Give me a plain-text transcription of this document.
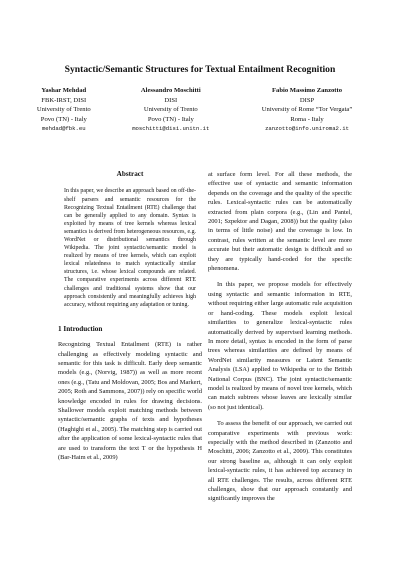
Syntactic/Semantic Structures for Textual Entailment Recognition
Yashar Mehdad
FBK-IRST, DISI
University of Trento
Povo (TN) - Italy
mehdad@fbk.eu
Alessandro Moschitti
DISI
University of Trento
Povo (TN) - Italy
moschitti@disi.unitn.it
Fabio Massimo Zanzotto
DISP
University of Rome “Tor Vergata”
Roma - Italy
zanzotto@info.uniroma2.it

Abstract

In this paper, we describe an approach based on off-the-shelf parsers and semantic resources for the Recognizing Textual Entailment (RTE) challenge that can be generally applied to any domain. Syntax is exploited by means of tree kernels whereas lexical semantics is derived from heterogeneous resources, e.g. WordNet or distributional semantics through Wikipedia. The joint syntactic/semantic model is realized by means of tree kernels, which can exploit lexical relatedness to match syntactically similar structures, i.e. whose lexical compounds are related. The comparative experiments across different RTE challenges and traditional systems show that our approach consistently and meaningfully achieves high accuracy, without requiring any adaptation or tuning.

1 Introduction

Recognizing Textual Entailment (RTE) is rather challenging as effectively modeling syntactic and semantic for this task is difficult. Early deep semantic models (e.g., (Norvig, 1987)) as well as more recent ones (e.g., (Tatu and Moldovan, 2005; Bos and Markert, 2005; Roth and Sammons, 2007)) rely on specific world knowledge encoded in rules for drawing decisions. Shallower models exploit matching methods between syntactic/semantic graphs of texts and hypotheses (Haghighi et al., 2005). The matching step is carried out after the application of some lexical-syntactic rules that are used to transform the text T or the hypothesis H (Bar-Haim et al., 2009)

at surface form level. For all these methods, the effective use of syntactic and semantic information depends on the coverage and the quality of the specific rules. Lexical-syntactic rules can be automatically extracted from plain corpora (e.g., (Lin and Pantel, 2001; Szpektor and Dagan, 2008)) but the quality (also in terms of little noise) and the coverage is low. In contrast, rules written at the semantic level are more accurate but their automatic design is difficult and so they are typically hand-coded for the specific phenomena.

In this paper, we propose models for effectively using syntactic and semantic information in RTE, without requiring either large automatic rule acquisition or hand-coding. These models exploit lexical similarities to generalize lexical-syntactic rules automatically derived by supervised learning methods. In more detail, syntax is encoded in the form of parse trees whereas similarities are defined by means of WordNet similarity measures or Latent Semantic Analysis (LSA) applied to Wikipedia or to the British National Corpus (BNC). The joint syntactic/semantic model is realized by means of novel tree kernels, which can match subtrees whose leaves are lexically similar (so not just identical).

To assess the benefit of our approach, we carried out comparative experiments with previous work: especially with the method described in (Zanzotto and Moschitti, 2006; Zanzotto et al., 2009). This constitutes our strong baseline as, although it can only exploit lexical-syntactic rules, it has achieved top accuracy in all RTE challenges. The results, across different RTE challenges, show that our approach constantly and significantly improves the
